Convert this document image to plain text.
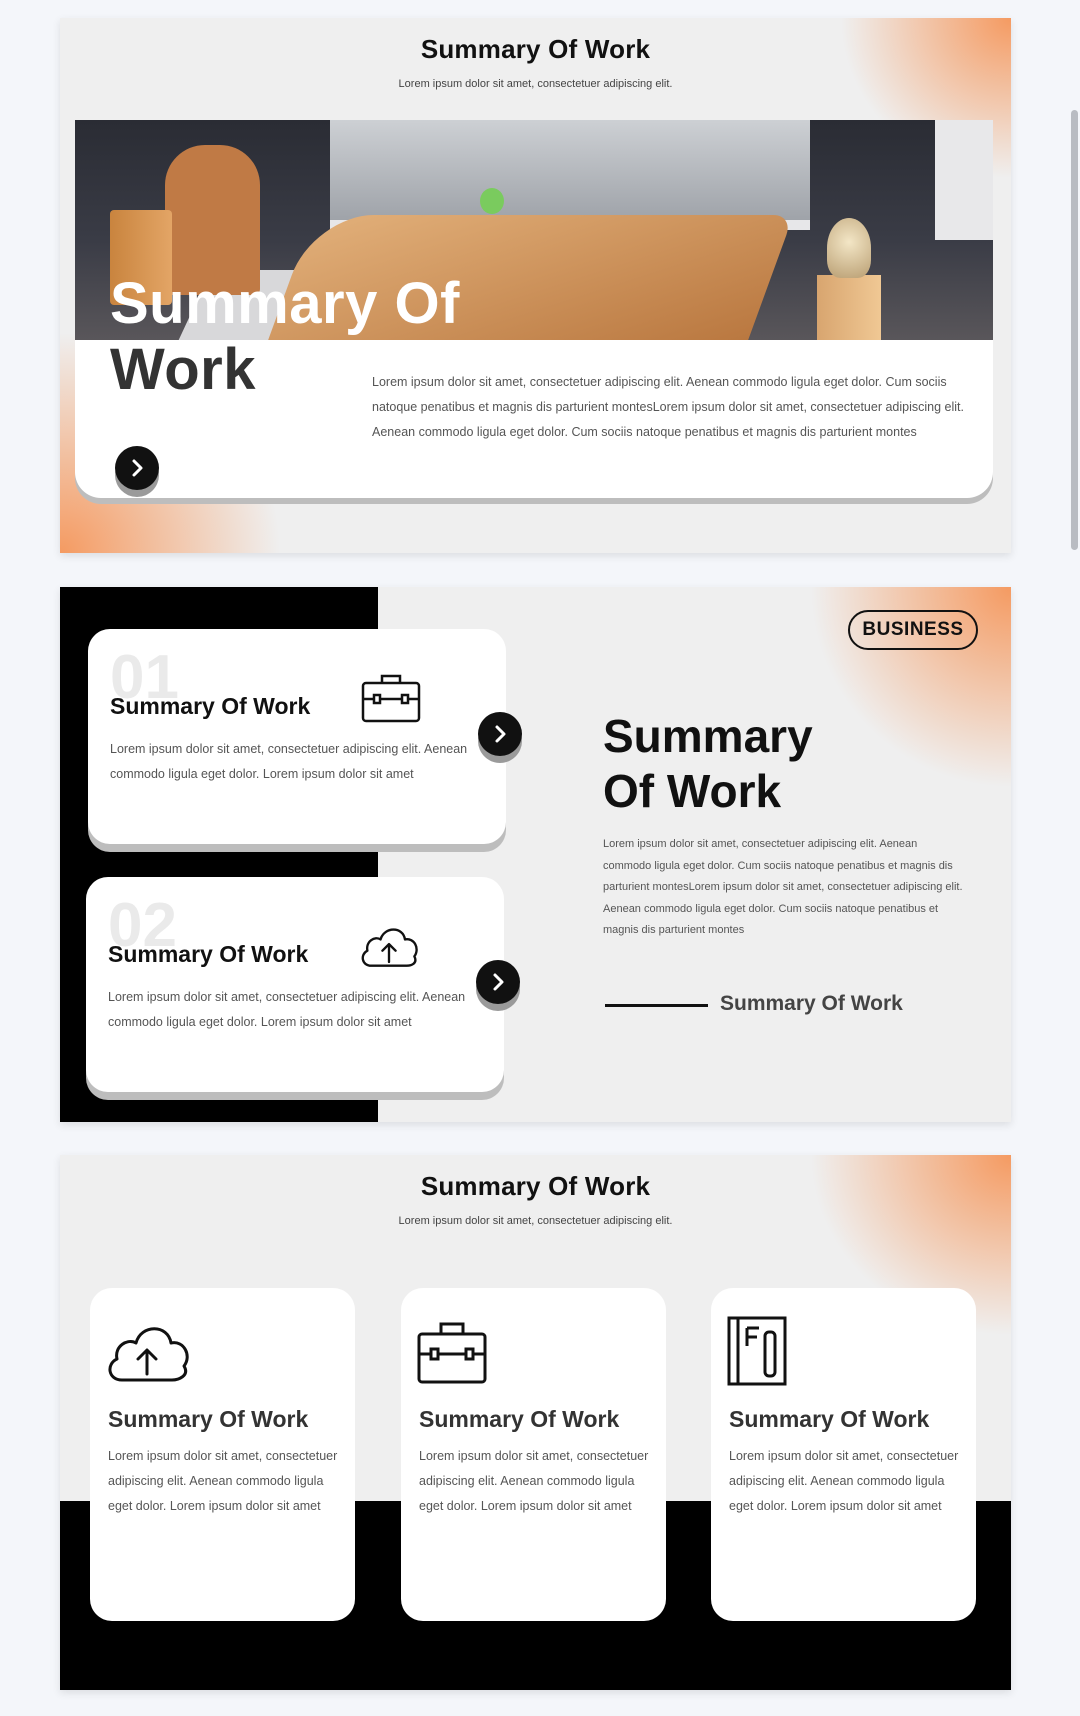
Summary Of Work
Lorem ipsum dolor sit amet, consectetuer adipiscing elit.
Summary Of
Work	Lorem ipsum dolor sit amet, consectetuer adipiscing elit. Aenean commodo ligula eget dolor. Cum sociis natoque penatibus et magnis dis parturient montesLorem ipsum dolor sit amet, consectetuer adipiscing elit. Aenean commodo ligula eget dolor. Cum sociis natoque penatibus et magnis dis parturient montes
01
Summary Of Work
Lorem ipsum dolor sit amet, consectetuer adipiscing elit. Aenean commodo ligula eget dolor. Lorem ipsum dolor sit amet
02
Summary Of Work
Lorem ipsum dolor sit amet, consectetuer adipiscing elit. Aenean commodo ligula eget dolor. Lorem ipsum dolor sit amet
BUSINESS
Summary
Of Work
Lorem ipsum dolor sit amet, consectetuer adipiscing elit. Aenean commodo ligula eget dolor. Cum sociis natoque penatibus et magnis dis parturient montesLorem ipsum dolor sit amet, consectetuer adipiscing elit. Aenean commodo ligula eget dolor. Cum sociis natoque penatibus et magnis dis parturient montes
Summary Of Work
Summary Of Work
Lorem ipsum dolor sit amet, consectetuer adipiscing elit.
Summary Of Work
Lorem ipsum dolor sit amet, consectetuer adipiscing elit. Aenean commodo ligula eget dolor. Lorem ipsum dolor sit amet
Summary Of Work
Lorem ipsum dolor sit amet, consectetuer adipiscing elit. Aenean commodo ligula eget dolor. Lorem ipsum dolor sit amet
Summary Of Work
Lorem ipsum dolor sit amet, consectetuer adipiscing elit. Aenean commodo ligula eget dolor. Lorem ipsum dolor sit amet
